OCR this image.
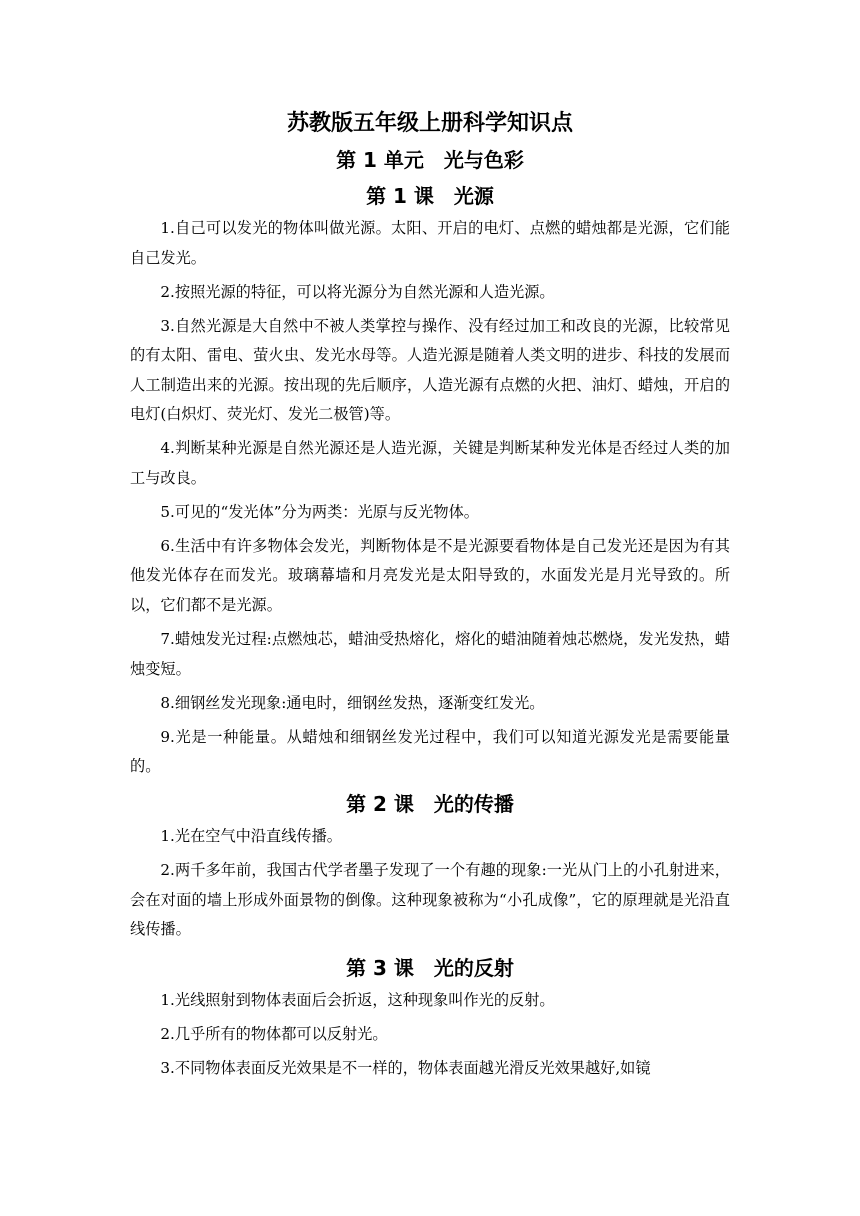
苏教版五年级上册科学知识点
第 1 单元　光与色彩
第 1 课　光源

1.自己可以发光的物体叫做光源。太阳、开启的电灯、点燃的蜡烛都是光源，它们能自己发光。

2.按照光源的特征，可以将光源分为自然光源和人造光源。

3.自然光源是大自然中不被人类掌控与操作、没有经过加工和改良的光源，比较常见的有太阳、雷电、萤火虫、发光水母等。人造光源是随着人类文明的进步、科技的发展而人工制造出来的光源。按出现的先后顺序，人造光源有点燃的火把、油灯、蜡烛，开启的电灯(白炽灯、荧光灯、发光二极管)等。

4.判断某种光源是自然光源还是人造光源，关键是判断某种发光体是否经过人类的加工与改良。

5.可见的“发光体”分为两类：光原与反光物体。

6.生活中有许多物体会发光，判断物体是不是光源要看物体是自己发光还是因为有其他发光体存在而发光。玻璃幕墙和月亮发光是太阳导致的，水面发光是月光导致的。所以，它们都不是光源。

7.蜡烛发光过程:点燃烛芯，蜡油受热熔化，熔化的蜡油随着烛芯燃烧，发光发热，蜡烛变短。

8.细钢丝发光现象:通电时，细钢丝发热，逐渐变红发光。

9.光是一种能量。从蜡烛和细钢丝发光过程中，我们可以知道光源发光是需要能量的。

第 2 课　光的传播

1.光在空气中沿直线传播。

2.两千多年前，我国古代学者墨子发现了一个有趣的现象:一光从门上的小孔射进来，会在对面的墙上形成外面景物的倒像。这种现象被称为“小孔成像”，它的原理就是光沿直线传播。

第 3 课　光的反射

1.光线照射到物体表面后会折返，这种现象叫作光的反射。

2.几乎所有的物体都可以反射光。

3.不同物体表面反光效果是不一样的，物体表面越光滑反光效果越好,如镜
